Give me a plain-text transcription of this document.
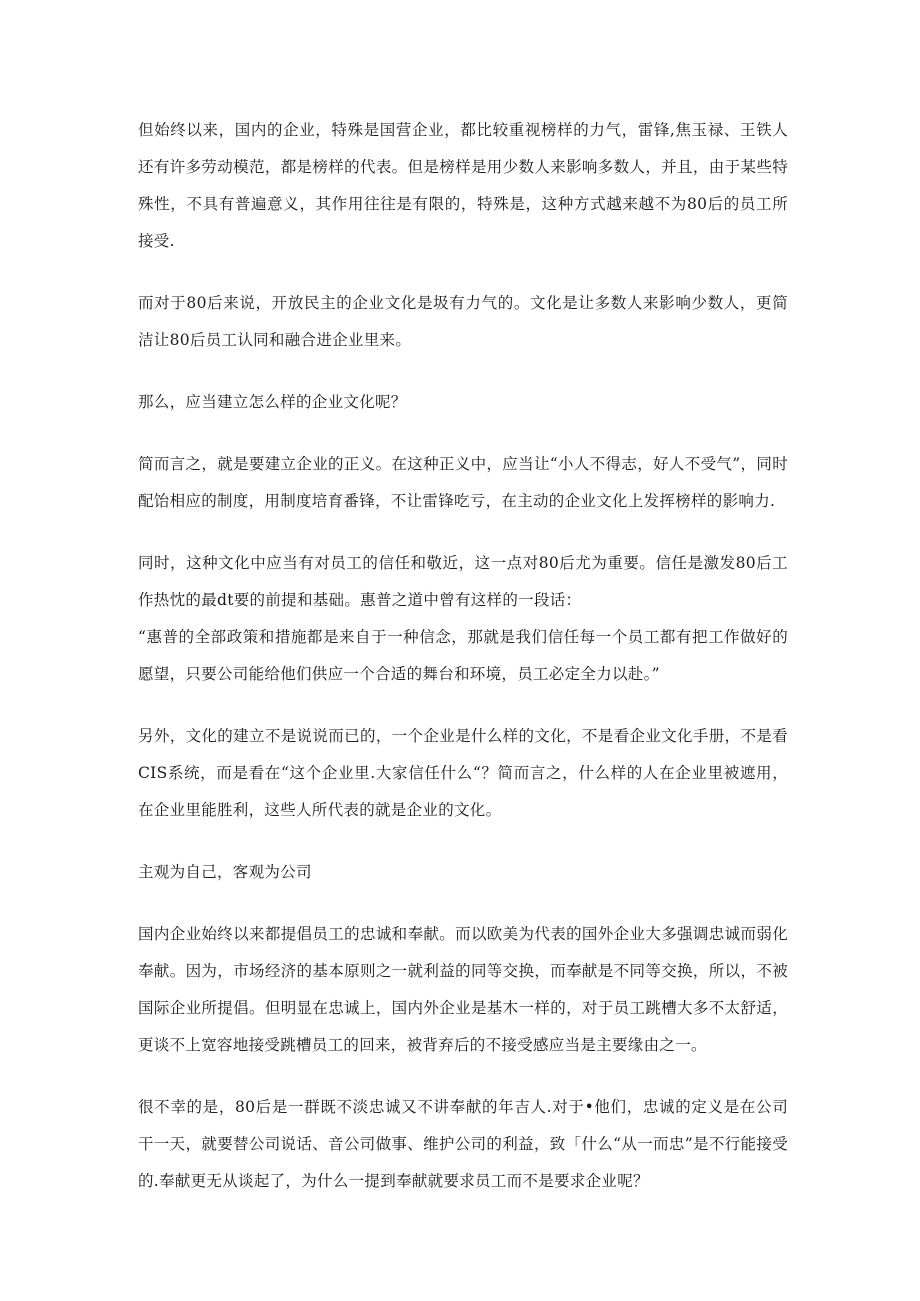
但始终以来，国内的企业，特殊是国营企业，都比较重视榜样的力气，雷锋,焦玉禄、王铁人还有许多劳动模范，都是榜样的代表。但是榜样是用少数人来影响多数人，并且，由于某些特殊性，不具有普遍意义，其作用往往是有限的，特殊是，这种方式越来越不为80后的员工所接受.

而对于80后来说，开放民主的企业文化是圾有力气的。文化是让多数人来影响少数人，更简洁让80后员工认同和融合进企业里来。

那么，应当建立怎么样的企业文化呢？

简而言之，就是要建立企业的正义。在这种正义中，应当让“小人不得志，好人不受气”，同时配饴相应的制度，用制度培育番锋，不让雷锋吃亏，在主动的企业文化上发挥榜样的影响力.

同时，这种文化中应当有对员工的信任和敬近，这一点对80后尤为重要。信任是激发80后工作热忱的最dt要的前提和基础。惠普之道中曾有这样的一段话：

“惠普的全部政策和措施都是来自于一种信念，那就是我们信任每一个员工都有把工作做好的愿望，只要公司能给他们供应一个合适的舞台和环境，员工必定全力以赴。”

另外，文化的建立不是说说而已的，一个企业是什么样的文化，不是看企业文化手册，不是看CIS系统，而是看在“这个企业里.大家信任什么“？简而言之，什么样的人在企业里被遮用，在企业里能胜利，这些人所代表的就是企业的文化。

主观为自己，客观为公司

国内企业始终以来都提倡员工的忠诚和奉献。而以欧美为代表的国外企业大多强调忠诚而弱化奉献。因为，市场经济的基本原则之一就利益的同等交换，而奉献是不同等交换，所以，不被国际企业所提倡。但明显在忠诚上，国内外企业是基木一样的，对于员工跳槽大多不太舒适，更谈不上宽容地接受跳槽员工的回来，被背弃后的不接受感应当是主要缘由之一。

很不幸的是，80后是一群既不淡忠诚又不讲奉献的年吉人.对于•他们，忠诚的定义是在公司干一天，就要替公司说话、音公司做事、维护公司的利益，致「什么“从一而忠”是不行能接受的.奉献更无从谈起了，为什么一提到奉献就要求员工而不是要求企业呢？
